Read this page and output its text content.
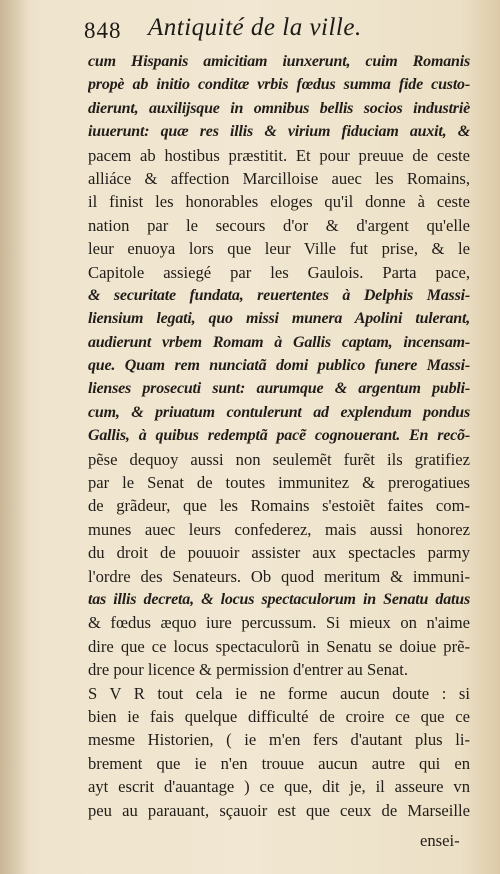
848 Antiquité de la ville.
cum Hispanis amicitiam iunxerunt, cuim Romanis
propè ab initio conditæ vrbis fœdus summa fide custo-
dierunt, auxilijsque in omnibus bellis socios industriè
iuuerunt: quæ res illis & virium fiduciam auxit, &
pacem ab hostibus præstitit. Et pour preuue de ceste
alliáce & affection Marcilloise auec les Romains,
il finist les honorables eloges qu'il donne à ceste
nation par le secours d'or & d'argent qu'elle
leur enuoya lors que leur Ville fut prise, & le
Capitole assiegé par les Gaulois. Parta pace,
& securitate fundata, reuertentes à Delphis Massi-
liensium legati, quo missi munera Apolini tulerant,
audierunt vrbem Romam à Gallis captam, incensam-
que. Quam rem nunciatã domi publico funere Massi-
lienses prosecuti sunt: aurumque & argentum publi-
cum, & priuatum contulerunt ad explendum pondus
Gallis, à quibus redemptã pacẽ cognouerant. En recõ-
pẽse dequoy aussi non seulemẽt furẽt ils gratifiez
par le Senat de toutes immunitez & prerogatiues
de grãdeur, que les Romains s'estoiẽt faites com-
munes auec leurs confederez, mais aussi honorez
du droit de pouuoir assister aux spectacles parmy
l'ordre des Senateurs. Ob quod meritum & immuni-
tas illis decreta, & locus spectaculorum in Senatu datus
& fœdus æquo iure percussum. Si mieux on n'aime
dire que ce locus spectaculorũ in Senatu se doiue prẽ-
dre pour licence & permission d'entrer au Senat.
S V R tout cela ie ne forme aucun doute : si
bien ie fais quelque difficulté de croire ce que ce
mesme Historien, ( ie m'en fers d'autant plus li-
brement que ie n'en trouue aucun autre qui en
ayt escrit d'auantage ) ce que, dit je, il asseure vn
peu au parauant, sçauoir est que ceux de Marseille
ensei-
